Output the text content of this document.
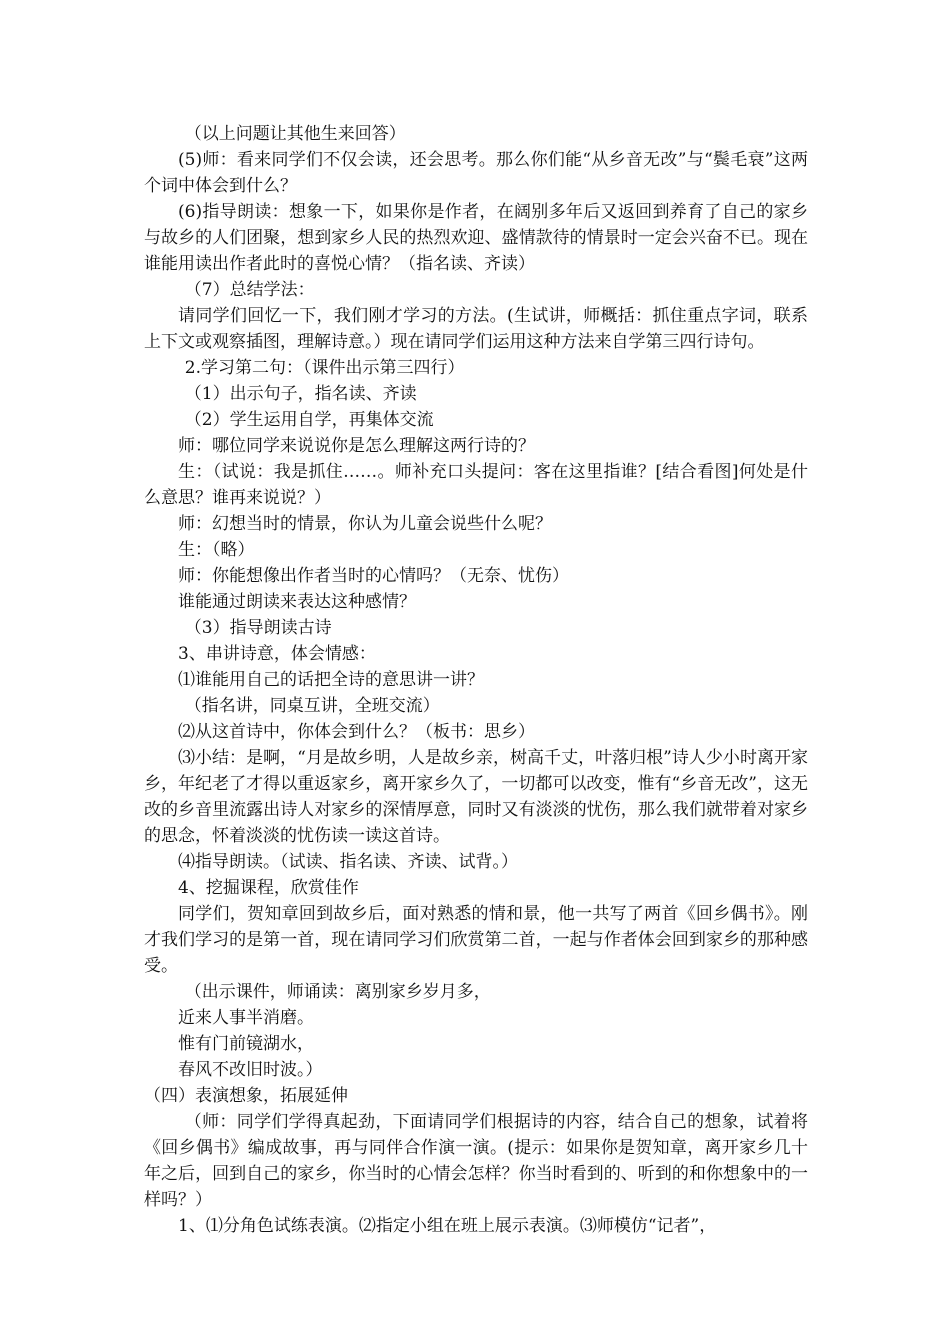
（以上问题让其他生来回答）
(5)师：看来同学们不仅会读，还会思考。那么你们能“从乡音无改”与“鬓毛衰”这两个词中体会到什么？
(6)指导朗读：想象一下，如果你是作者，在阔别多年后又返回到养育了自己的家乡与故乡的人们团聚，想到家乡人民的热烈欢迎、盛情款待的情景时一定会兴奋不已。现在谁能用读出作者此时的喜悦心情？（指名读、齐读）
（7）总结学法：
请同学们回忆一下，我们刚才学习的方法。(生试讲，师概括：抓住重点字词，联系上下文或观察插图，理解诗意。）现在请同学们运用这种方法来自学第三四行诗句。
2.学习第二句：（课件出示第三四行）
（1）出示句子，指名读、齐读
（2）学生运用自学，再集体交流
师：哪位同学来说说你是怎么理解这两行诗的？
生：（试说：我是抓住……。师补充口头提问：客在这里指谁？[结合看图]何处是什么意思？谁再来说说？）
师：幻想当时的情景，你认为儿童会说些什么呢？
生：（略）
师：你能想像出作者当时的心情吗？（无奈、忧伤）
谁能通过朗读来表达这种感情？
（3）指导朗读古诗
3、串讲诗意，体会情感：
⑴谁能用自己的话把全诗的意思讲一讲？
（指名讲，同桌互讲，全班交流）
⑵从这首诗中，你体会到什么？（板书：思乡）
⑶小结：是啊，“月是故乡明，人是故乡亲，树高千丈，叶落归根”诗人少小时离开家乡，年纪老了才得以重返家乡，离开家乡久了，一切都可以改变，惟有“乡音无改”，这无改的乡音里流露出诗人对家乡的深情厚意，同时又有淡淡的忧伤，那么我们就带着对家乡的思念，怀着淡淡的忧伤读一读这首诗。
⑷指导朗读。（试读、指名读、齐读、试背。）
4、挖掘课程，欣赏佳作
同学们，贺知章回到故乡后，面对熟悉的情和景，他一共写了两首《回乡偶书》。刚才我们学习的是第一首，现在请同学习们欣赏第二首，一起与作者体会回到家乡的那种感受。
（出示课件，师诵读：离别家乡岁月多，
近来人事半消磨。
惟有门前镜湖水，
春风不改旧时波。）
（四）表演想象，拓展延伸
（师：同学们学得真起劲，下面请同学们根据诗的内容，结合自己的想象，试着将《回乡偶书》编成故事，再与同伴合作演一演。(提示：如果你是贺知章，离开家乡几十年之后，回到自己的家乡，你当时的心情会怎样？你当时看到的、听到的和你想象中的一样吗？）
1、⑴分角色试练表演。⑵指定小组在班上展示表演。⑶师模仿“记者”，
